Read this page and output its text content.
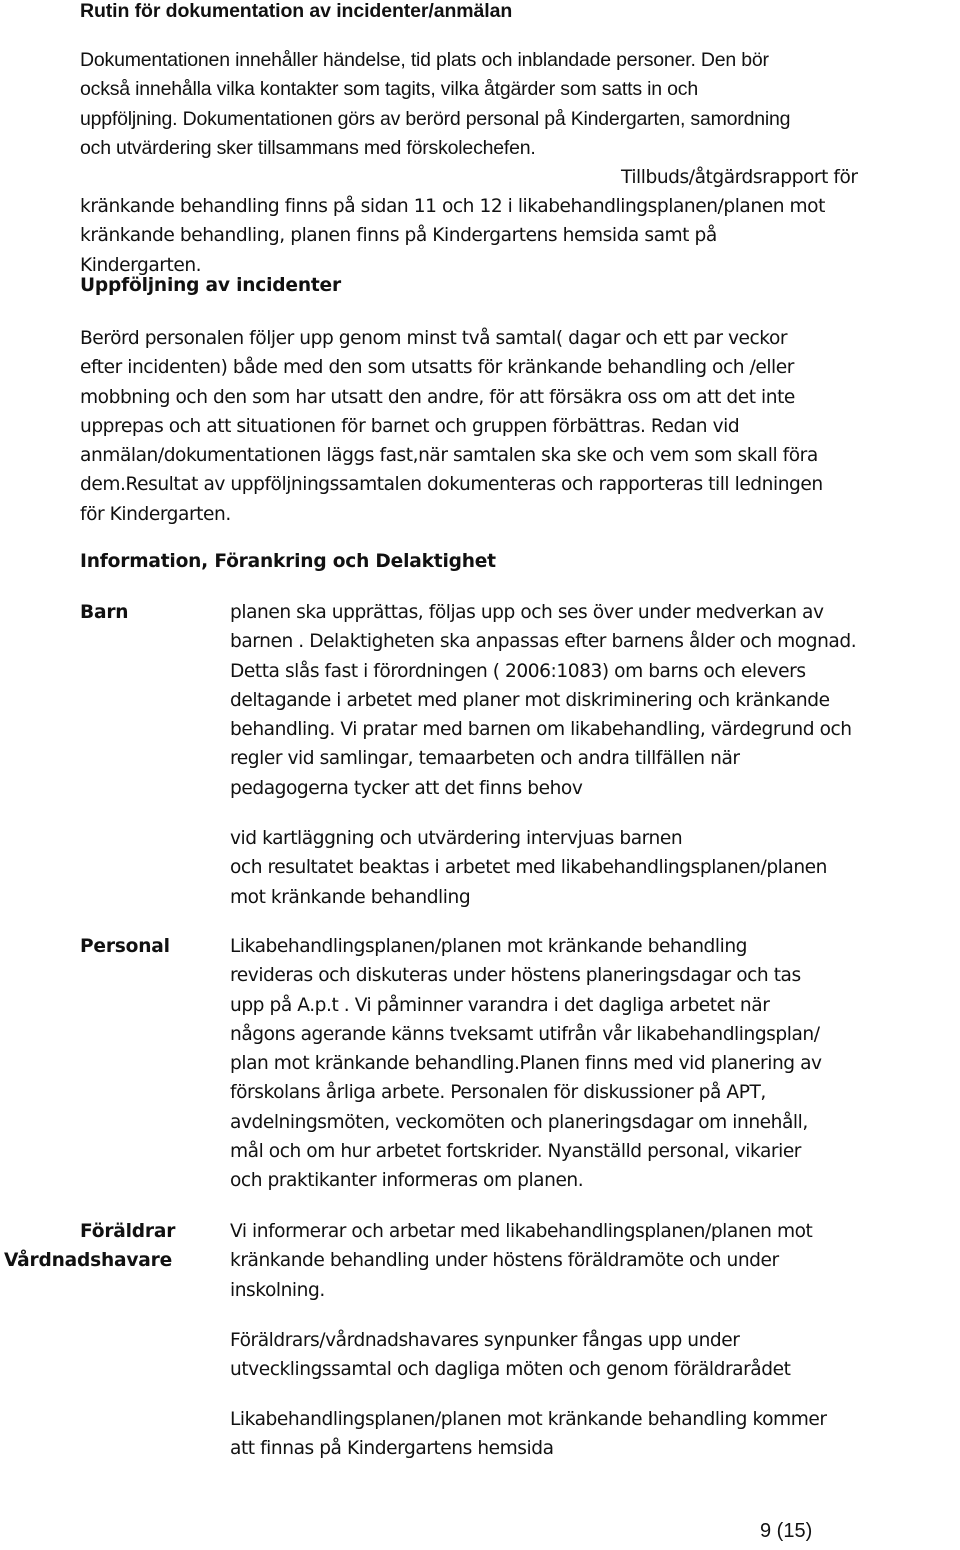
Rutin för dokumentation av incidenter/anmälan
Dokumentationen innehåller händelse, tid plats och inblandade personer. Den bör
också innehålla vilka kontakter som tagits, vilka åtgärder som satts in och
uppföljning. Dokumentationen görs av berörd personal på Kindergarten, samordning
och utvärdering sker tillsammans med förskolechefen.
Tillbuds/åtgärdsrapport för
kränkande behandling finns på sidan 11 och 12 i likabehandlingsplanen/planen mot
kränkande behandling, planen finns på Kindergartens hemsida samt på
Kindergarten.
Uppföljning av incidenter
Berörd personalen följer upp genom minst två samtal( dagar och ett par veckor
efter incidenten) både med den som utsatts för kränkande behandling och /eller
mobbning och den som har utsatt den andre, för att försäkra oss om att det inte
upprepas och att situationen för barnet och gruppen förbättras. Redan vid
anmälan/dokumentationen läggs fast,när samtalen ska ske och vem som skall föra
dem.Resultat av uppföljningssamtalen dokumenteras och rapporteras till ledningen
för Kindergarten.
Information, Förankring och Delaktighet
Barn	planen ska upprättas, följas upp och ses över under medverkan av
barnen . Delaktigheten ska anpassas efter barnens ålder och mognad.
Detta slås fast i förordningen ( 2006:1083) om barns och elevers
deltagande i arbetet med planer mot diskriminering och kränkande
behandling. Vi pratar med barnen om likabehandling, värdegrund och
regler vid samlingar, temaarbeten och andra tillfällen när
pedagogerna tycker att det finns behov
vid kartläggning och utvärdering intervjuas barnen
och resultatet beaktas i arbetet med likabehandlingsplanen/planen
mot kränkande behandling
Personal	Likabehandlingsplanen/planen mot kränkande behandling
revideras och diskuteras under höstens planeringsdagar och tas
upp på A.p.t . Vi påminner varandra i det dagliga arbetet när
någons agerande känns tveksamt utifrån vår likabehandlingsplan/
plan mot kränkande behandling.Planen finns med vid planering av
förskolans årliga arbete. Personalen för diskussioner på APT,
avdelningsmöten, veckomöten och planeringsdagar om innehåll,
mål och om hur arbetet fortskrider. Nyanställd personal, vikarier
och praktikanter informeras om planen.
Föräldrar
Vårdnadshavare
Vi informerar och arbetar med likabehandlingsplanen/planen mot
kränkande behandling under höstens föräldramöte och under
inskolning.
Föräldrars/vårdnadshavares synpunker fångas upp under
utvecklingssamtal och dagliga möten och genom föräldrarådet
Likabehandlingsplanen/planen mot kränkande behandling kommer
att finnas på Kindergartens hemsida
9 (15)
